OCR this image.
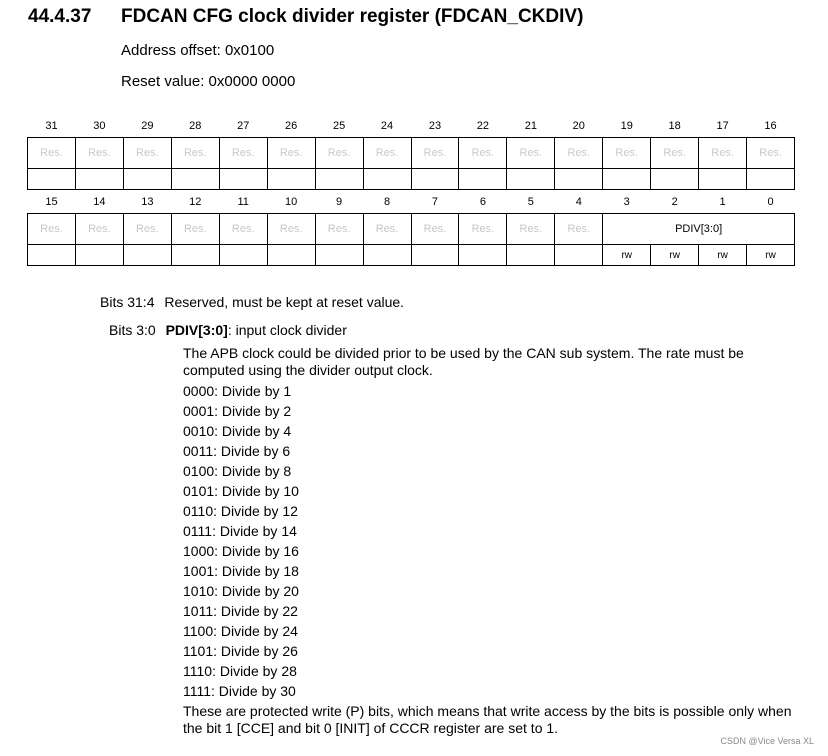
44.4.37 FDCAN CFG clock divider register (FDCAN_CKDIV)
Address offset: 0x0100
Reset value: 0x0000 0000
31	30	29	28	27	26	25	24	23	22	21	20	19	18	17	16
Res.	Res.	Res.	Res.	Res.	Res.	Res.	Res.	Res.	Res.	Res.	Res.	Res.	Res.	Res.	Res.

15	14	13	12	11	10	9	8	7	6	5	4	3	2	1	0
Res.	Res.	Res.	Res.	Res.	Res.	Res.	Res.	Res.	Res.	Res.	Res.	PDIV[3:0]			
												rw	rw	rw	rw
Bits 31:4 Reserved, must be kept at reset value.
Bits 3:0 PDIV[3:0]: input clock divider
The APB clock could be divided prior to be used by the CAN sub system. The rate must be computed using the divider output clock.
0000: Divide by 1
0001: Divide by 2
0010: Divide by 4
0011: Divide by 6
0100: Divide by 8
0101: Divide by 10
0110: Divide by 12
0111: Divide by 14
1000: Divide by 16
1001: Divide by 18
1010: Divide by 20
1011: Divide by 22
1100: Divide by 24
1101: Divide by 26
1110: Divide by 28
1111: Divide by 30
These are protected write (P) bits, which means that write access by the bits is possible only when the bit 1 [CCE] and bit 0 [INIT] of CCCR register are set to 1.
CSDN @Vice Versa XL
